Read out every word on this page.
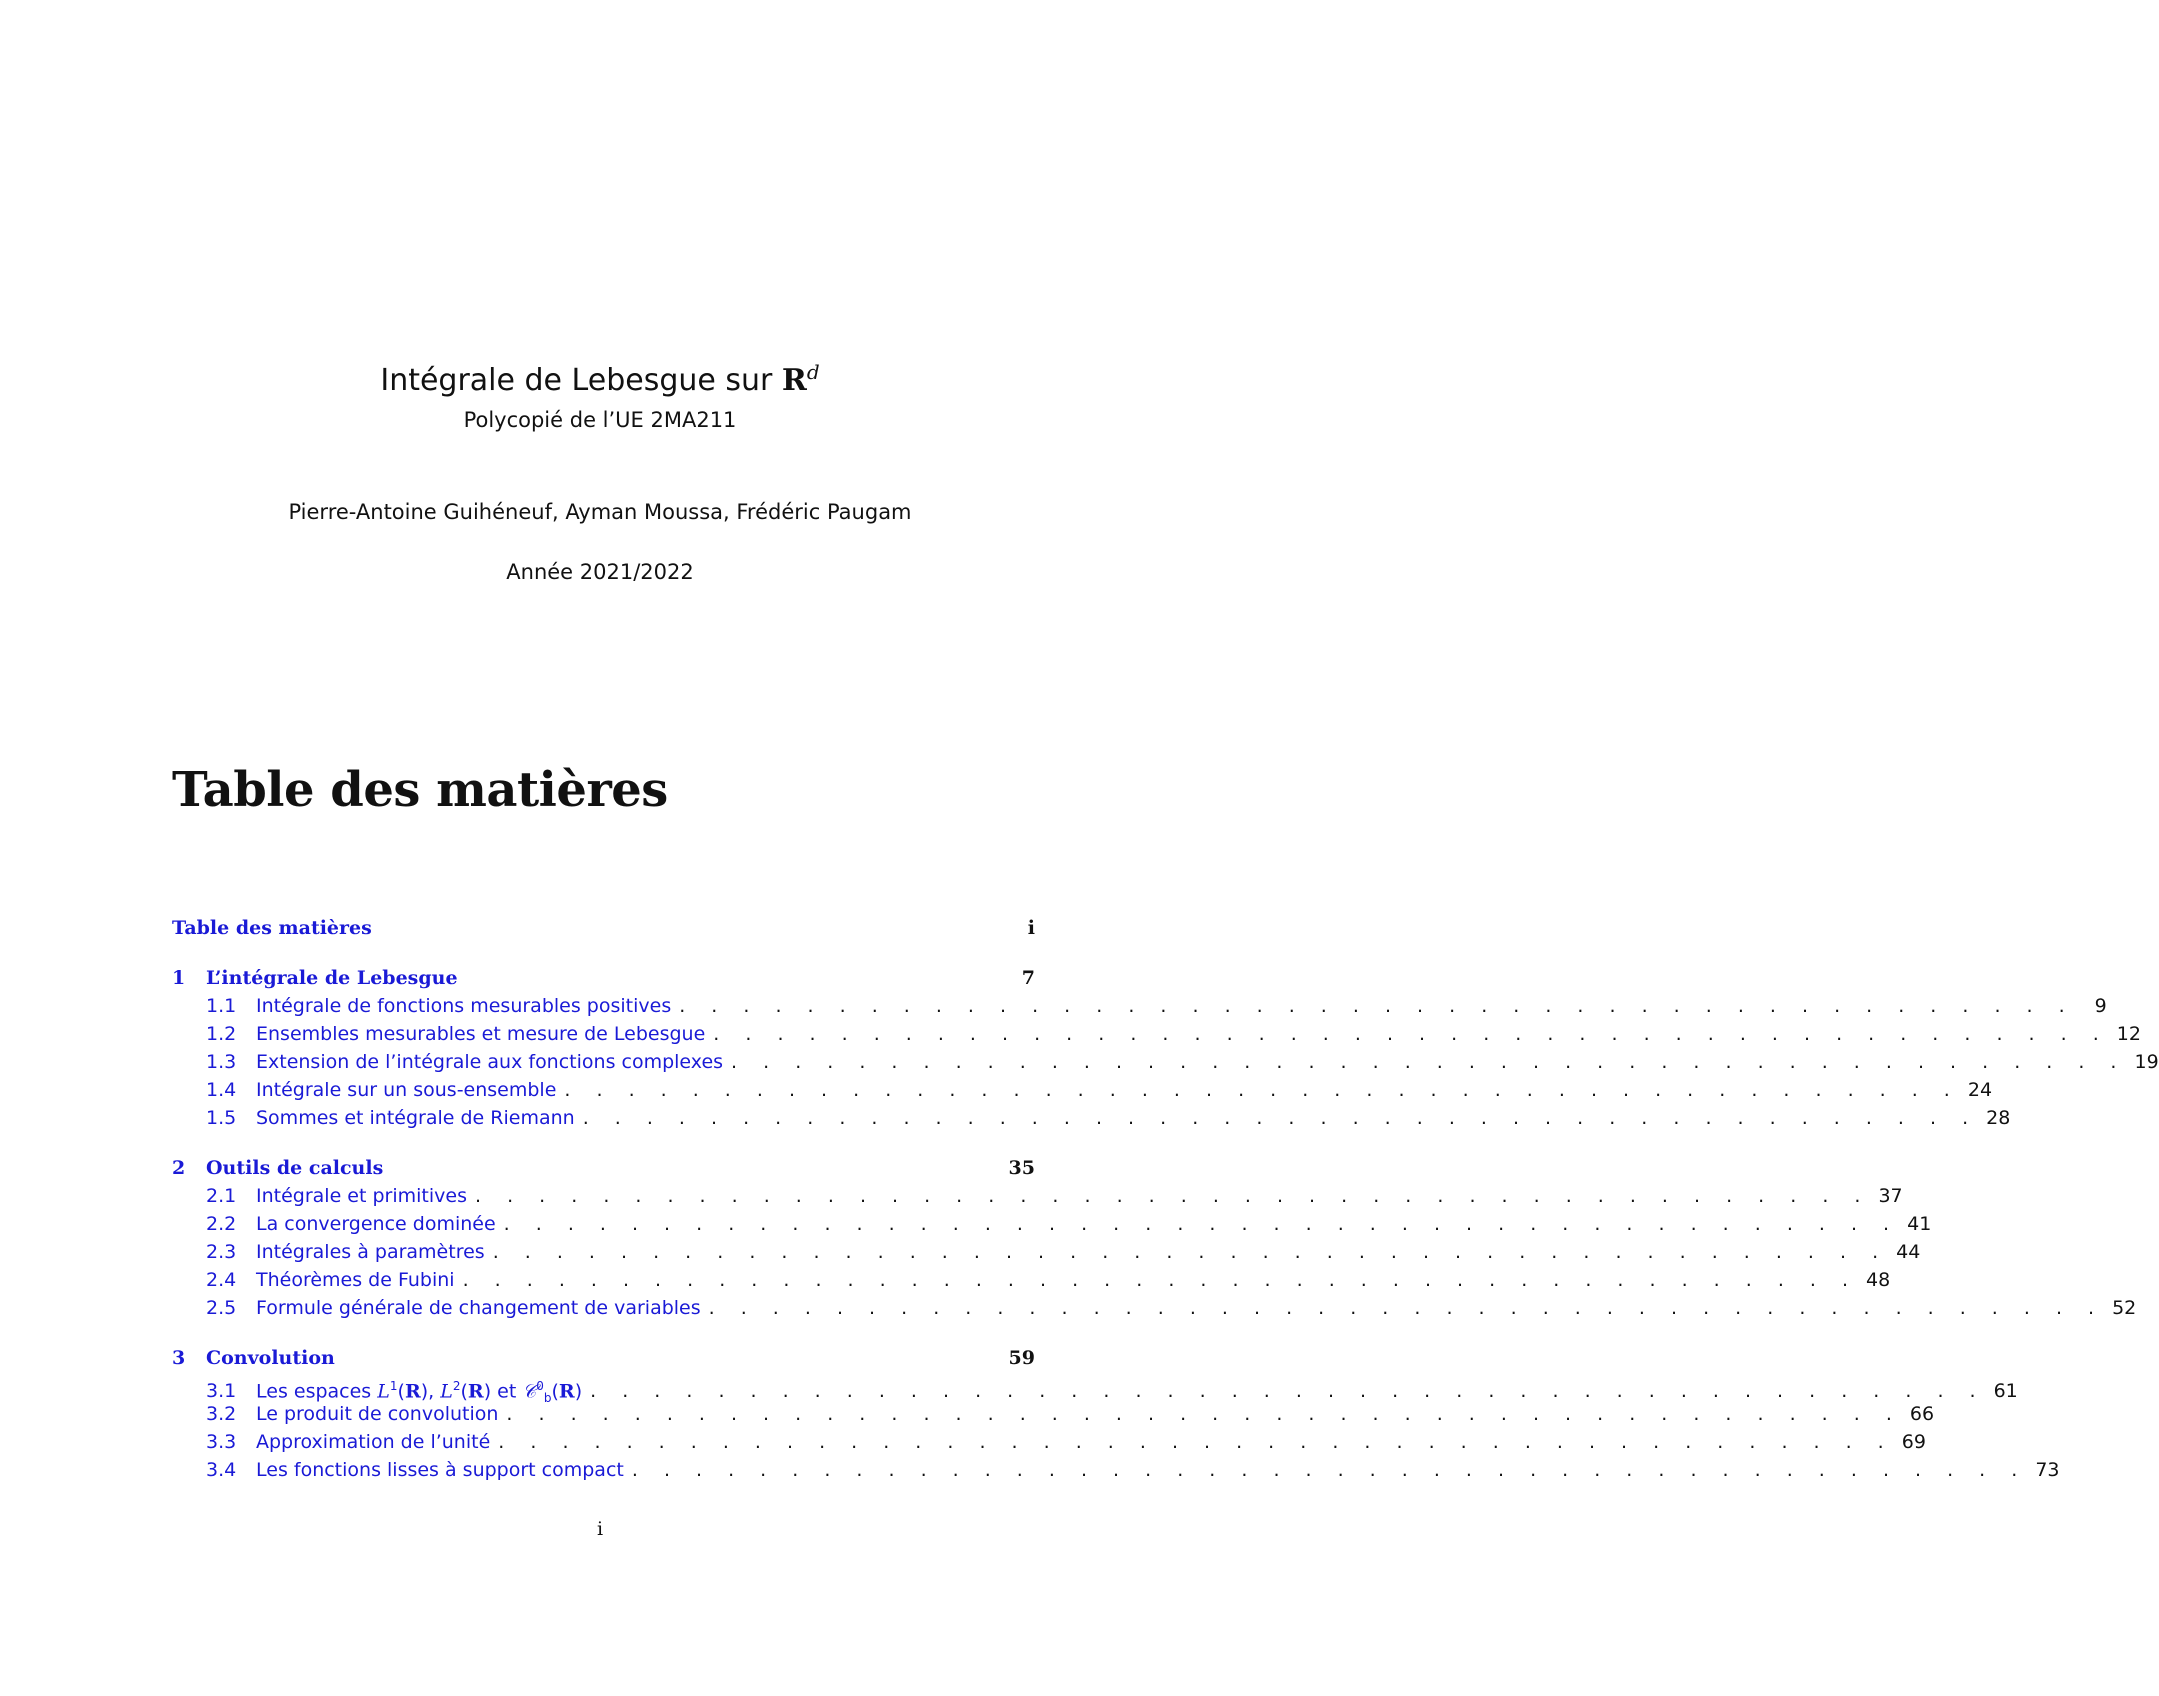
Intégrale de Lebesgue sur $R^d$
Polycopié de l’UE 2MA211
Pierre-Antoine Guihéneuf, Ayman Moussa, Frédéric Paugam
Année 2021/2022
Table des matières
Table des matières	i
1	L’intégrale de Lebesgue	7
1.1	Intégrale de fonctions mesurables positives . . . . . . . . . . . . . . . . . . . . . . . . . . . . . . . . . . . . . . . . . . . .	9
1.2	Ensembles mesurables et mesure de Lebesgue . . . . . . . . . . . . . . . . . . . . . . . . . . . . . . . . . . . . . . . . . . . . 12
1.3	Extension de l’intégrale aux fonctions complexes . . . . . . . . . . . . . . . . . . . . . . . . . . . . . . . . . . . . . . . . . . . . 19
1.4	Intégrale sur un sous-ensemble . . . . . . . . . . . . . . . . . . . . . . . . . . . . . . . . . . . . . . . . . . . . 24
1.5	Sommes et intégrale de Riemann . . . . . . . . . . . . . . . . . . . . . . . . . . . . . . . . . . . . . . . . . . . . 28
2	Outils de calculs	35
2.1	Intégrale et primitives . . . . . . . . . . . . . . . . . . . . . . . . . . . . . . . . . . . . . . . . . . . . 37
2.2	La convergence dominée . . . . . . . . . . . . . . . . . . . . . . . . . . . . . . . . . . . . . . . . . . . . 41
2.3	Intégrales à paramètres . . . . . . . . . . . . . . . . . . . . . . . . . . . . . . . . . . . . . . . . . . . . 44
2.4	Théorèmes de Fubini . . . . . . . . . . . . . . . . . . . . . . . . . . . . . . . . . . . . . . . . . . . . 48
2.5	Formule générale de changement de variables . . . . . . . . . . . . . . . . . . . . . . . . . . . . . . . . . . . . . . . . . . . . 52
3	Convolution	59
3.1	Les espaces $L^1(R)$, $L^2(R)$ et 𝒞$^0_b$(R) . . . . . . . . . . . . . . . . . . . . . . . . . . . . . . . . . . . . . . . . . . . . 61
3.2	Le produit de convolution . . . . . . . . . . . . . . . . . . . . . . . . . . . . . . . . . . . . . . . . . . . . 66
3.3	Approximation de l’unité . . . . . . . . . . . . . . . . . . . . . . . . . . . . . . . . . . . . . . . . . . . . 69
3.4	Les fonctions lisses à support compact . . . . . . . . . . . . . . . . . . . . . . . . . . . . . . . . . . . . . . . . . . . . 73
i
